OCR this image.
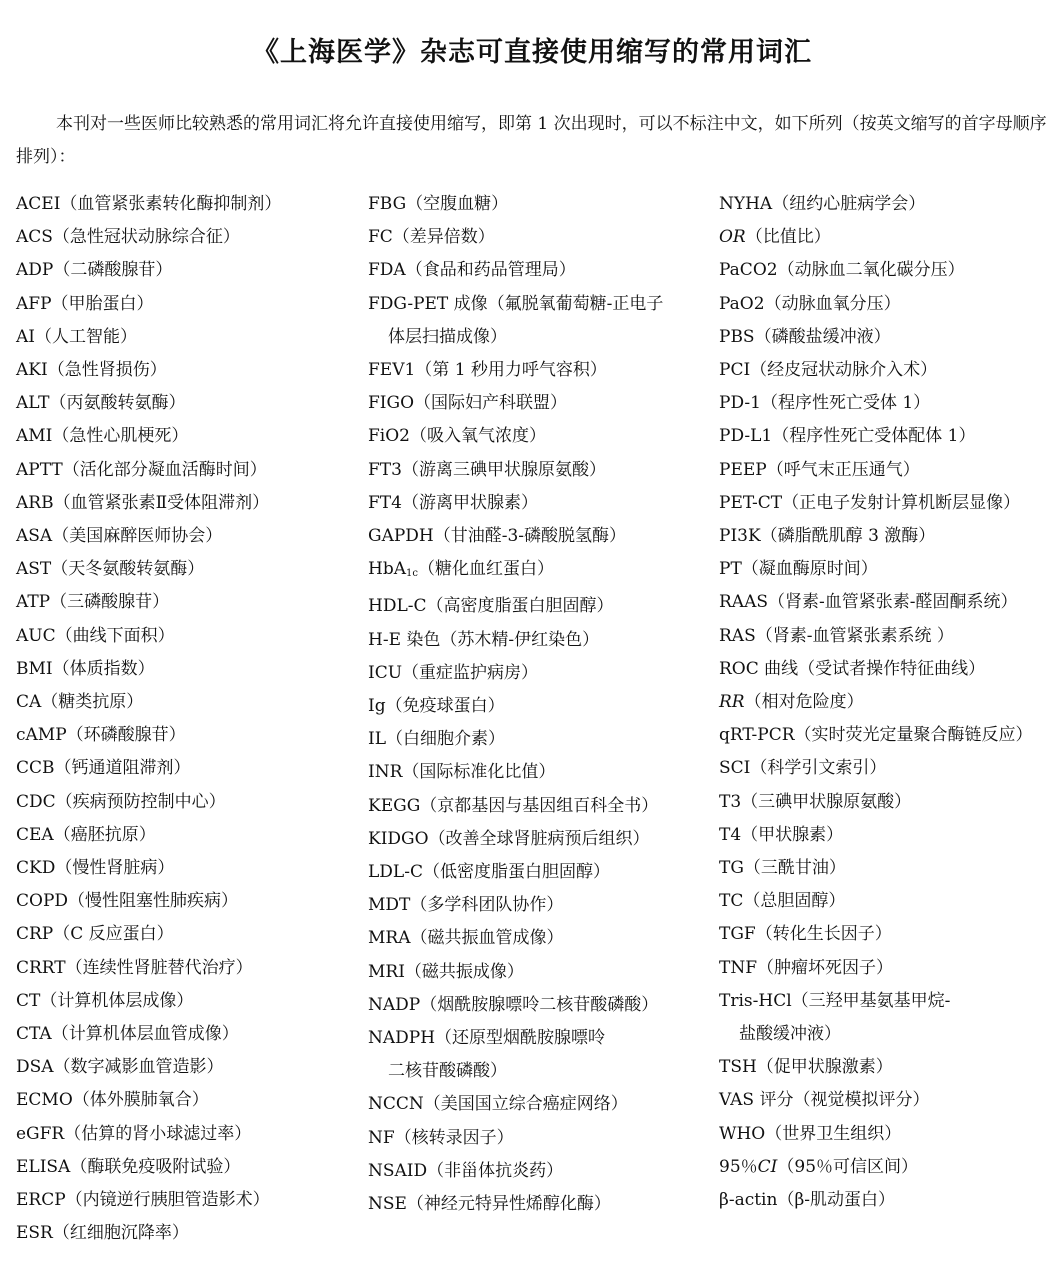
《上海医学》杂志可直接使用缩写的常用词汇
本刊对一些医师比较熟悉的常用词汇将允许直接使用缩写，即第 1 次出现时，可以不标注中文，如下所列（按英文缩写的首字母顺序排列）：
ACEI（血管紧张素转化酶抑制剂）
ACS（急性冠状动脉综合征）
ADP（二磷酸腺苷）
AFP（甲胎蛋白）
AI（人工智能）
AKI（急性肾损伤）
ALT（丙氨酸转氨酶）
AMI（急性心肌梗死）
APTT（活化部分凝血活酶时间）
ARB（血管紧张素Ⅱ受体阻滞剂）
ASA（美国麻醉医师协会）
AST（天冬氨酸转氨酶）
ATP（三磷酸腺苷）
AUC（曲线下面积）
BMI（体质指数）
CA（糖类抗原）
cAMP（环磷酸腺苷）
CCB（钙通道阻滞剂）
CDC（疾病预防控制中心）
CEA（癌胚抗原）
CKD（慢性肾脏病）
COPD（慢性阻塞性肺疾病）
CRP（C 反应蛋白）
CRRT（连续性肾脏替代治疗）
CT（计算机体层成像）
CTA（计算机体层血管成像）
DSA（数字减影血管造影）
ECMO（体外膜肺氧合）
eGFR（估算的肾小球滤过率）
ELISA（酶联免疫吸附试验）
ERCP（内镜逆行胰胆管造影术）
ESR（红细胞沉降率）
FBG（空腹血糖）
FC（差异倍数）
FDA（食品和药品管理局）
FDG-PET 成像（氟脱氧葡萄糖-正电子
体层扫描成像）
FEV1（第 1 秒用力呼气容积）
FIGO（国际妇产科联盟）
FiO2（吸入氧气浓度）
FT3（游离三碘甲状腺原氨酸）
FT4（游离甲状腺素）
GAPDH（甘油醛-3-磷酸脱氢酶）
HbA$_{1c}$（糖化血红蛋白）
HDL-C（高密度脂蛋白胆固醇）
H-E 染色（苏木精-伊红染色）
ICU（重症监护病房）
Ig（免疫球蛋白）
IL（白细胞介素）
INR（国际标准化比值）
KEGG（京都基因与基因组百科全书）
KIDGO（改善全球肾脏病预后组织）
LDL-C（低密度脂蛋白胆固醇）
MDT（多学科团队协作）
MRA（磁共振血管成像）
MRI（磁共振成像）
NADP（烟酰胺腺嘌呤二核苷酸磷酸）
NADPH（还原型烟酰胺腺嘌呤
二核苷酸磷酸）
NCCN（美国国立综合癌症网络）
NF（核转录因子）
NSAID（非甾体抗炎药）
NSE（神经元特异性烯醇化酶）
NYHA（纽约心脏病学会）
OR（比值比）
PaCO2（动脉血二氧化碳分压）
PaO2（动脉血氧分压）
PBS（磷酸盐缓冲液）
PCI（经皮冠状动脉介入术）
PD-1（程序性死亡受体 1）
PD-L1（程序性死亡受体配体 1）
PEEP（呼气末正压通气）
PET-CT（正电子发射计算机断层显像）
PI3K（磷脂酰肌醇 3 激酶）
PT（凝血酶原时间）
RAAS（肾素-血管紧张素-醛固酮系统）
RAS（肾素-血管紧张素系统 ）
ROC 曲线（受试者操作特征曲线）
RR（相对危险度）
qRT-PCR（实时荧光定量聚合酶链反应）
SCI（科学引文索引）
T3（三碘甲状腺原氨酸）
T4（甲状腺素）
TG（三酰甘油）
TC（总胆固醇）
TGF（转化生长因子）
TNF（肿瘤坏死因子）
Tris-HCl（三羟甲基氨基甲烷-
盐酸缓冲液）
TSH（促甲状腺激素）
VAS 评分（视觉模拟评分）
WHO（世界卫生组织）
95％CI（95％可信区间）
β-actin（β-肌动蛋白）
